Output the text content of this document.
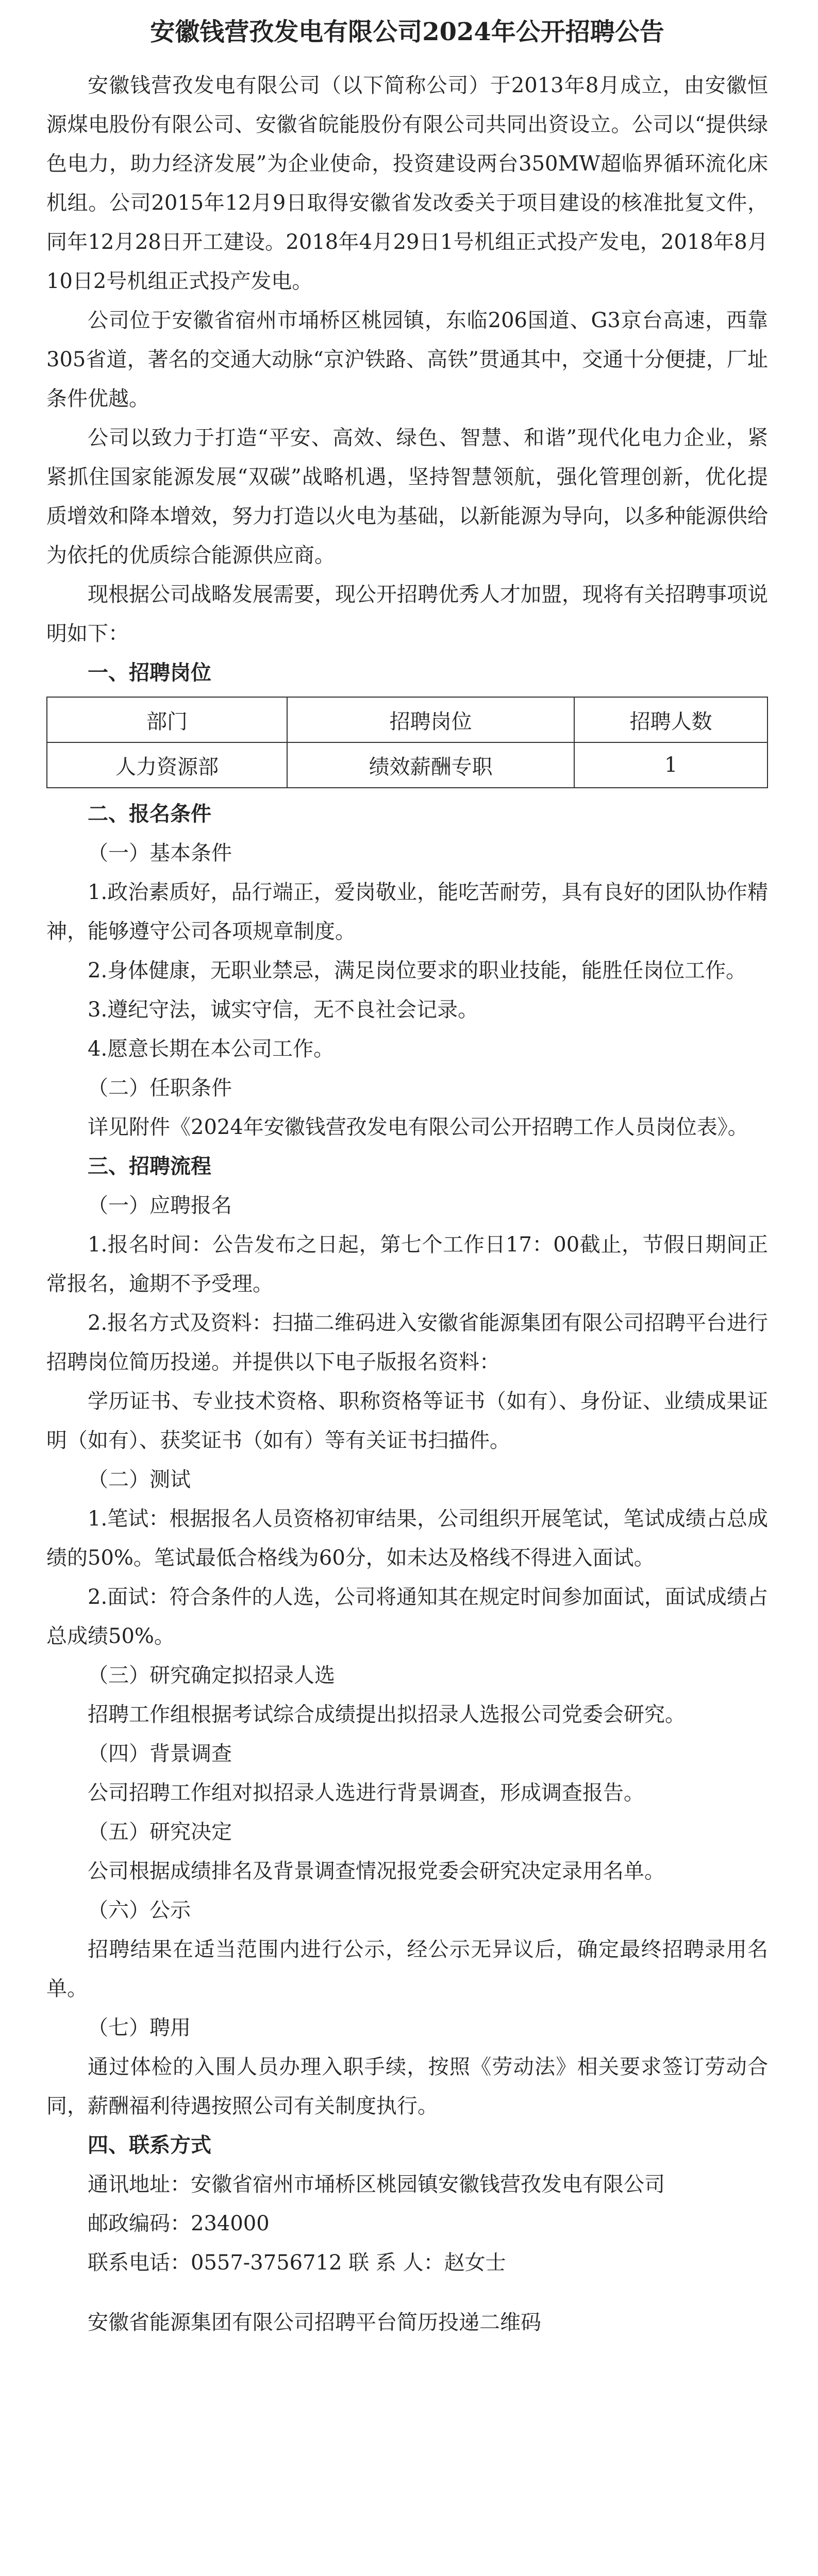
安徽钱营孜发电有限公司2024年公开招聘公告

安徽钱营孜发电有限公司（以下简称公司）于2013年8月成立，由安徽恒源煤电股份有限公司、安徽省皖能股份有限公司共同出资设立。公司以“提供绿色电力，助力经济发展”为企业使命，投资建设两台350MW超临界循环流化床机组。公司2015年12月9日取得安徽省发改委关于项目建设的核准批复文件，同年12月28日开工建设。2018年4月29日1号机组正式投产发电，2018年8月10日2号机组正式投产发电。

公司位于安徽省宿州市埇桥区桃园镇，东临206国道、G3京台高速，西靠305省道，著名的交通大动脉“京沪铁路、高铁”贯通其中，交通十分便捷，厂址条件优越。

公司以致力于打造“平安、高效、绿色、智慧、和谐”现代化电力企业，紧紧抓住国家能源发展“双碳”战略机遇，坚持智慧领航，强化管理创新，优化提质增效和降本增效，努力打造以火电为基础，以新能源为导向，以多种能源供给为依托的优质综合能源供应商。

现根据公司战略发展需要，现公开招聘优秀人才加盟，现将有关招聘事项说明如下：

一、招聘岗位

部门	招聘岗位	招聘人数
人力资源部	绩效薪酬专职	1

二、报名条件

（一）基本条件

1.政治素质好，品行端正，爱岗敬业，能吃苦耐劳，具有良好的团队协作精神，能够遵守公司各项规章制度。

2.身体健康，无职业禁忌，满足岗位要求的职业技能，能胜任岗位工作。

3.遵纪守法，诚实守信，无不良社会记录。

4.愿意长期在本公司工作。

（二）任职条件

详见附件《2024年安徽钱营孜发电有限公司公开招聘工作人员岗位表》。

三、招聘流程

（一）应聘报名

1.报名时间：公告发布之日起，第七个工作日17：00截止，节假日期间正常报名，逾期不予受理。

2.报名方式及资料：扫描二维码进入安徽省能源集团有限公司招聘平台进行招聘岗位简历投递。并提供以下电子版报名资料：

学历证书、专业技术资格、职称资格等证书（如有）、身份证、业绩成果证明（如有）、获奖证书（如有）等有关证书扫描件。

（二）测试

1.笔试：根据报名人员资格初审结果，公司组织开展笔试，笔试成绩占总成绩的50%。笔试最低合格线为60分，如未达及格线不得进入面试。

2.面试：符合条件的人选，公司将通知其在规定时间参加面试，面试成绩占总成绩50%。

（三）研究确定拟招录人选

招聘工作组根据考试综合成绩提出拟招录人选报公司党委会研究。

（四）背景调查

公司招聘工作组对拟招录人选进行背景调查，形成调查报告。

（五）研究决定

公司根据成绩排名及背景调查情况报党委会研究决定录用名单。

（六）公示

招聘结果在适当范围内进行公示，经公示无异议后，确定最终招聘录用名单。

（七）聘用

通过体检的入围人员办理入职手续，按照《劳动法》相关要求签订劳动合同，薪酬福利待遇按照公司有关制度执行。

四、联系方式

通讯地址：安徽省宿州市埇桥区桃园镇安徽钱营孜发电有限公司

邮政编码：234000

联系电话：0557-3756712 联 系 人：赵女士

安徽省能源集团有限公司招聘平台简历投递二维码
